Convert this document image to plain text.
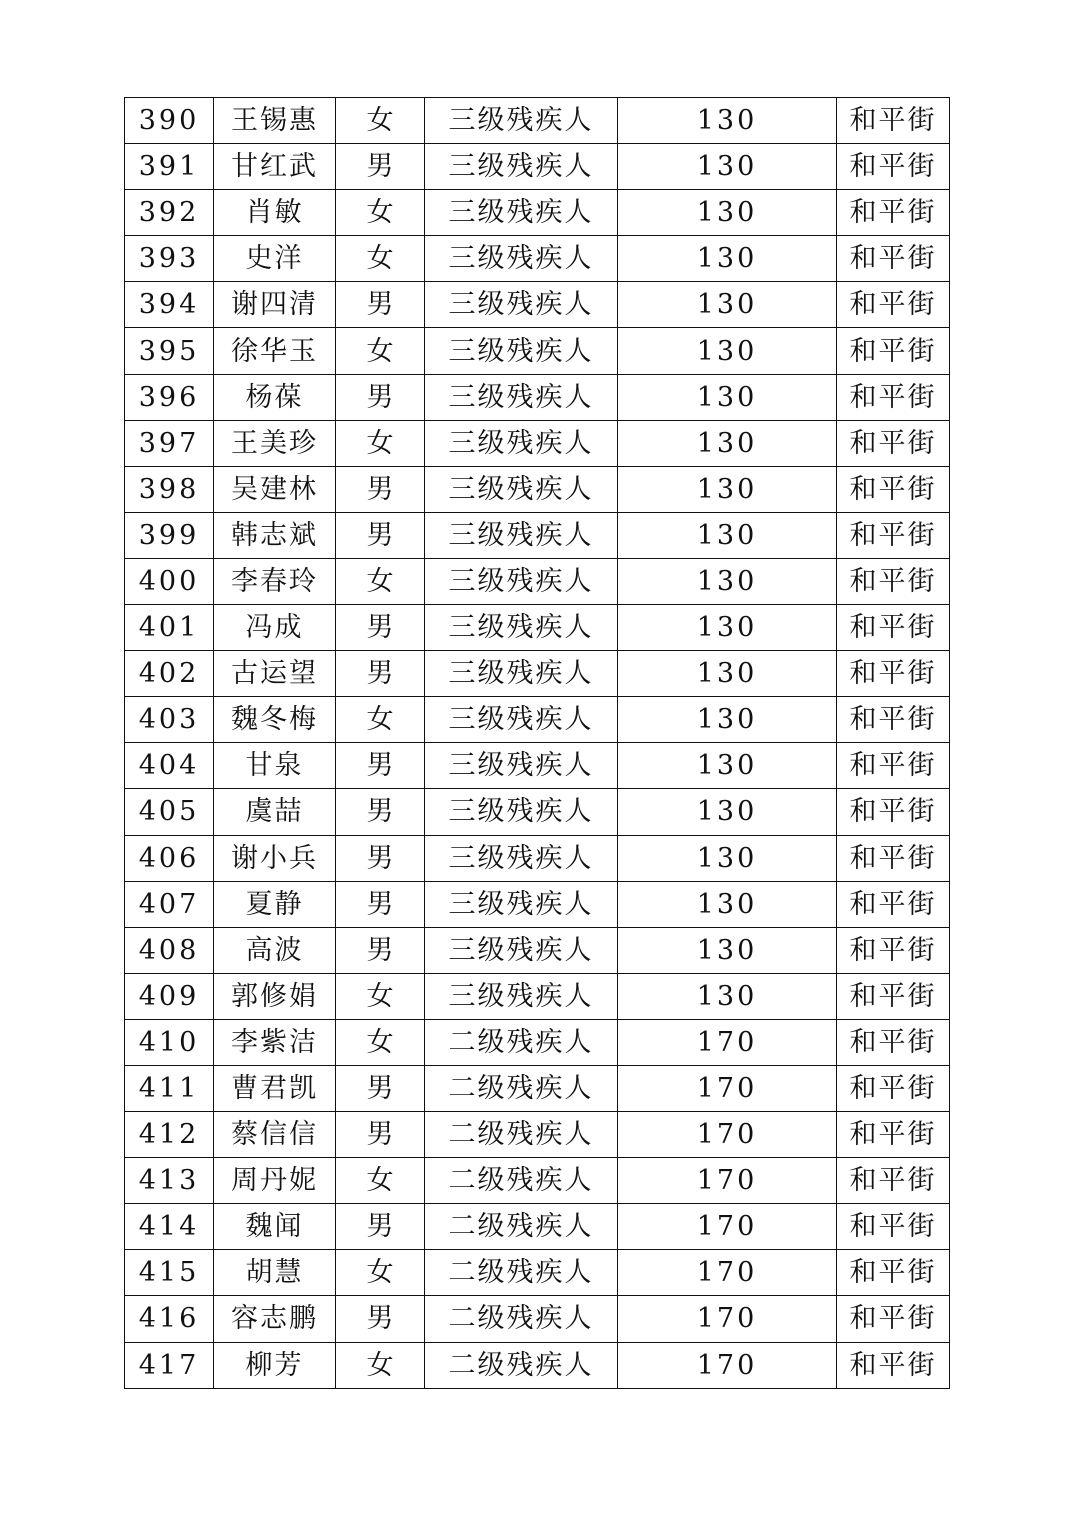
390	王锡惠	女	三级残疾人	130	和平街
391	甘红武	男	三级残疾人	130	和平街
392	肖敏	女	三级残疾人	130	和平街
393	史洋	女	三级残疾人	130	和平街
394	谢四清	男	三级残疾人	130	和平街
395	徐华玉	女	三级残疾人	130	和平街
396	杨葆	男	三级残疾人	130	和平街
397	王美珍	女	三级残疾人	130	和平街
398	吴建林	男	三级残疾人	130	和平街
399	韩志斌	男	三级残疾人	130	和平街
400	李春玲	女	三级残疾人	130	和平街
401	冯成	男	三级残疾人	130	和平街
402	古运望	男	三级残疾人	130	和平街
403	魏冬梅	女	三级残疾人	130	和平街
404	甘泉	男	三级残疾人	130	和平街
405	虞喆	男	三级残疾人	130	和平街
406	谢小兵	男	三级残疾人	130	和平街
407	夏静	男	三级残疾人	130	和平街
408	高波	男	三级残疾人	130	和平街
409	郭修娟	女	三级残疾人	130	和平街
410	李紫洁	女	二级残疾人	170	和平街
411	曹君凯	男	二级残疾人	170	和平街
412	蔡信信	男	二级残疾人	170	和平街
413	周丹妮	女	二级残疾人	170	和平街
414	魏闻	男	二级残疾人	170	和平街
415	胡慧	女	二级残疾人	170	和平街
416	容志鹏	男	二级残疾人	170	和平街
417	柳芳	女	二级残疾人	170	和平街
